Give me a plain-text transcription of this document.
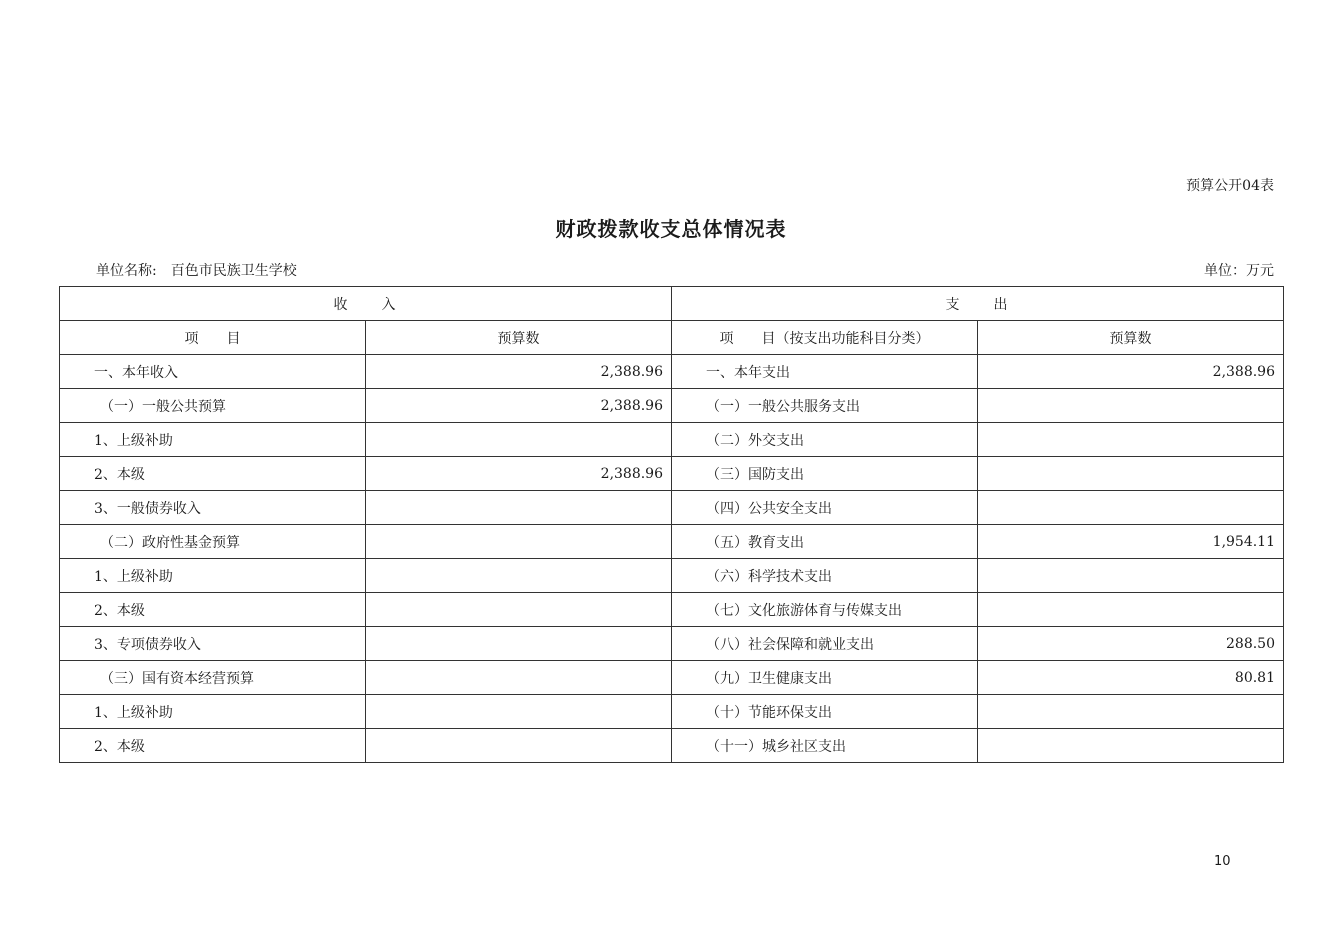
预算公开04表
财政拨款收支总体情况表
单位名称: 百色市民族卫生学校	单位：万元
收　　入		支　　出	
项　　目	预算数	项　　目（按支出功能科目分类）	预算数
一、本年收入	2,388.96	一、本年支出	2,388.96
（一）一般公共预算	2,388.96	（一）一般公共服务支出	
1、上级补助		（二）外交支出	
2、本级	2,388.96	（三）国防支出	
3、一般债券收入		（四）公共安全支出	
（二）政府性基金预算		（五）教育支出	1,954.11
1、上级补助		（六）科学技术支出	
2、本级		（七）文化旅游体育与传媒支出	
3、专项债券收入		（八）社会保障和就业支出	288.50
（三）国有资本经营预算		（九）卫生健康支出	80.81
1、上级补助		（十）节能环保支出	
2、本级		（十一）城乡社区支出	
10
